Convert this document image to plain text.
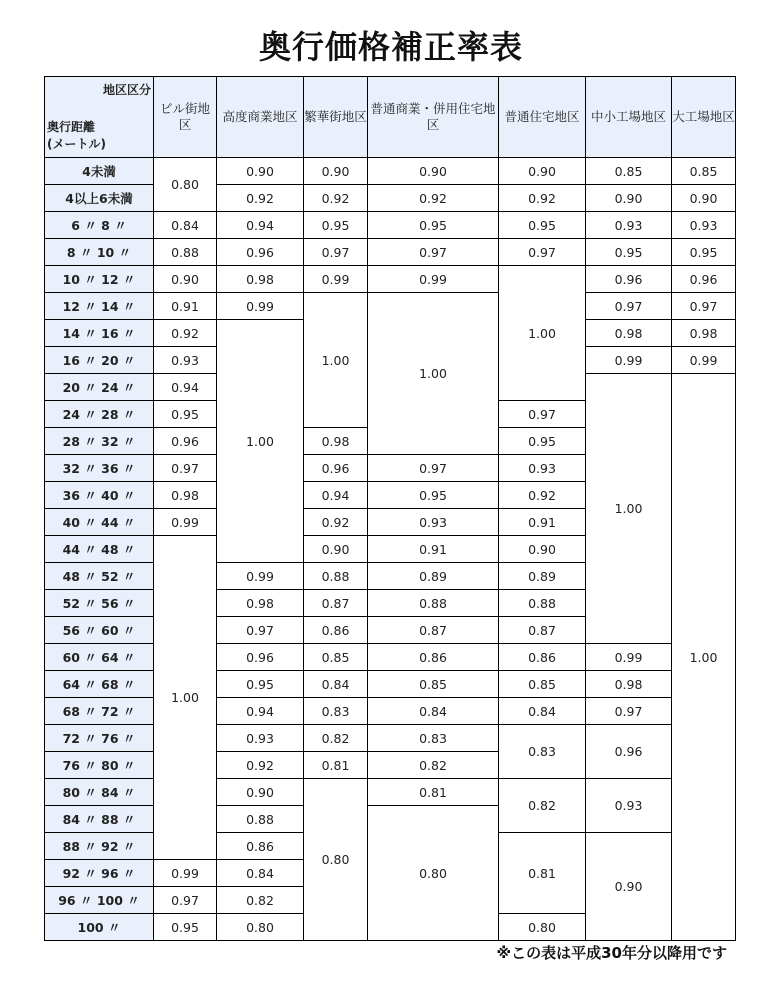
奥行価格補正率表
地区区分
奥行距離
(メートル)	ビル街地区	高度商業地区	繁華街地区	普通商業・併用住宅地区	普通住宅地区	中小工場地区	大工場地区
4未満	0.80	0.90	0.90	0.90	0.90	0.85	0.85
4以上6未満		0.92	0.92	0.92	0.92	0.90	0.90
6 〃 8 〃	0.84	0.94	0.95	0.95	0.95	0.93	0.93
8 〃 10 〃	0.88	0.96	0.97	0.97	0.97	0.95	0.95
10 〃 12 〃	0.90	0.98	0.99	0.99	1.00	0.96	0.96
12 〃 14 〃	0.91	0.99	1.00	1.00		0.97	0.97
14 〃 16 〃	0.92	1.00				0.98	0.98
16 〃 20 〃	0.93					0.99	0.99
20 〃 24 〃	0.94					1.00	1.00
24 〃 28 〃	0.95				0.97		
28 〃 32 〃	0.96		0.98		0.95		
32 〃 36 〃	0.97		0.96	0.97	0.93		
36 〃 40 〃	0.98		0.94	0.95	0.92		
40 〃 44 〃	0.99		0.92	0.93	0.91		
44 〃 48 〃	1.00		0.90	0.91	0.90		
48 〃 52 〃		0.99	0.88	0.89	0.89		
52 〃 56 〃		0.98	0.87	0.88	0.88		
56 〃 60 〃		0.97	0.86	0.87	0.87		
60 〃 64 〃		0.96	0.85	0.86	0.86	0.99	
64 〃 68 〃		0.95	0.84	0.85	0.85	0.98	
68 〃 72 〃		0.94	0.83	0.84	0.84	0.97	
72 〃 76 〃		0.93	0.82	0.83	0.83	0.96	
76 〃 80 〃		0.92	0.81	0.82			
80 〃 84 〃		0.90	0.80	0.81	0.82	0.93	
84 〃 88 〃		0.88		0.80			
88 〃 92 〃		0.86			0.81	0.90	
92 〃 96 〃	0.99	0.84					
96 〃 100 〃	0.97	0.82					
100 〃	0.95	0.80			0.80		
※この表は平成30年分以降用です
